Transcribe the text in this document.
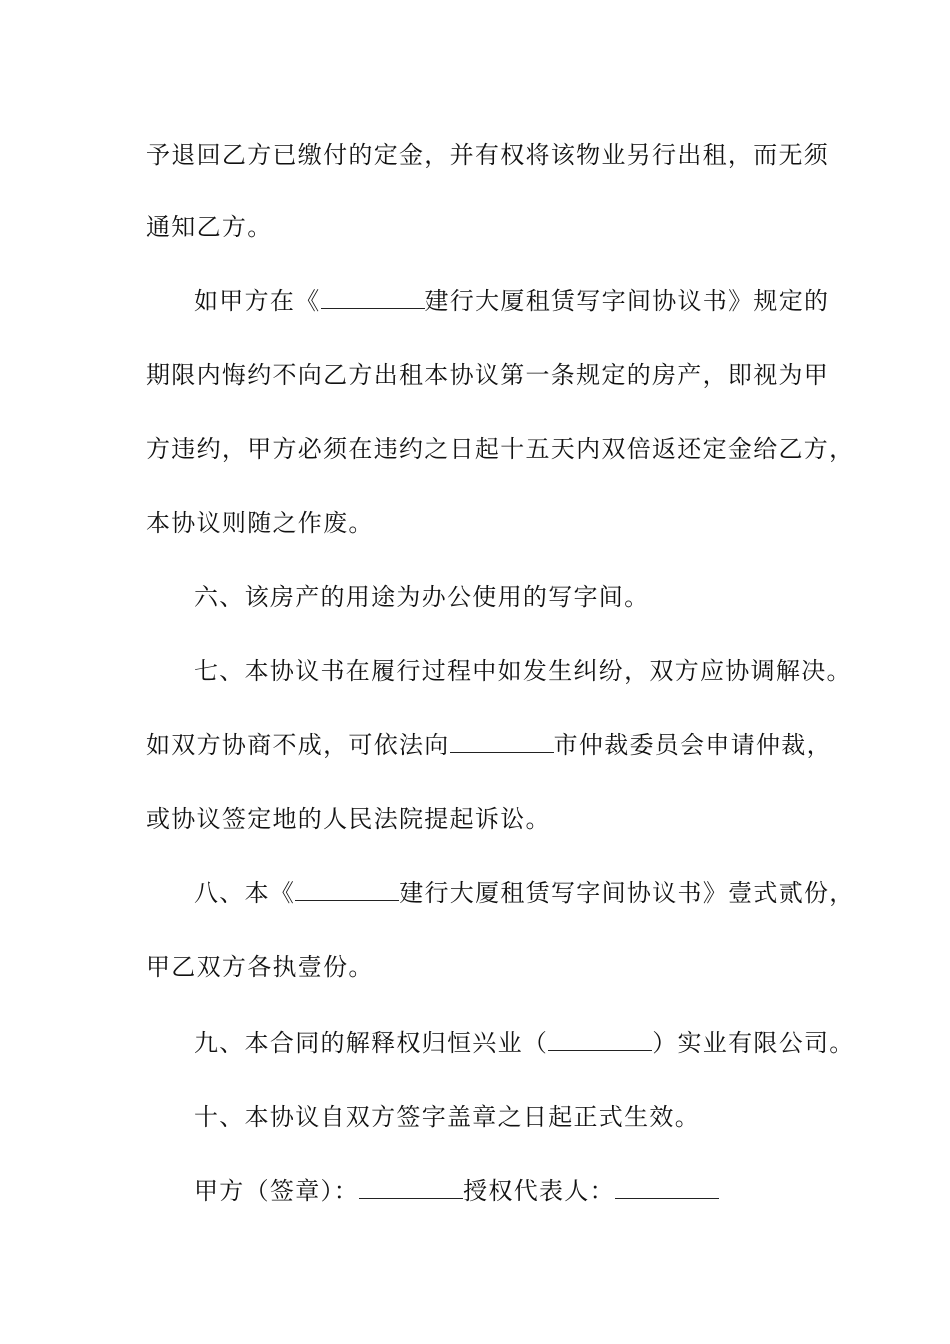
予退回乙方已缴付的定金，并有权将该物业另行出租，而无须
通知乙方。
如甲方在《	建行大厦租赁写字间协议书》规定的
期限内悔约不向乙方出租本协议第一条规定的房产，即视为甲
方违约，甲方必须在违约之日起十五天内双倍返还定金给乙方，
本协议则随之作废。
六、该房产的用途为办公使用的写字间。
七、本协议书在履行过程中如发生纠纷，双方应协调解决。
如双方协商不成，可依法向	市仲裁委员会申请仲裁，
或协议签定地的人民法院提起诉讼。
八、本《	建行大厦租赁写字间协议书》壹式贰份，
甲乙双方各执壹份。
九、本合同的解释权归恒兴业（	）实业有限公司。
十、本协议自双方签字盖章之日起正式生效。
甲方（签章）：	授权代表人：
